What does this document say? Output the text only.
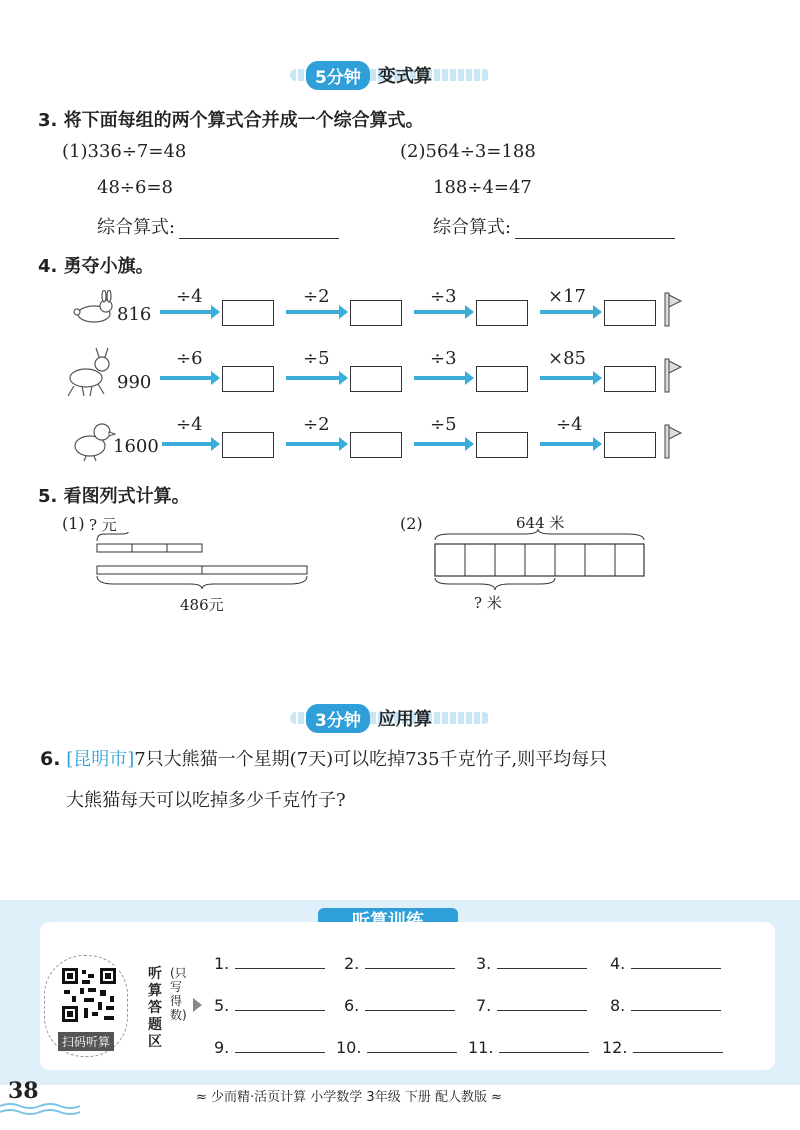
5分钟 变式算
3. 将下面每组的两个算式合并成一个综合算式。
(1)336÷7=48
48÷6=8
综合算式:
(2)564÷3=188
188÷4=47
综合算式:
4. 勇夺小旗。
816
÷4	÷2	÷3	×17
990
÷6	÷5	÷3	×85
1600
÷4	÷2	÷5	÷4
5. 看图列式计算。
(1) ? 元
486元
(2)	644 米
? 米
3分钟 应用算
6. [昆明市]7只大熊猫一个星期(7天)可以吃掉735千克竹子,则平均每只
大熊猫每天可以吃掉多少千克竹子?
扫码听算
听算答题区
(只写得数)
1.	2.	3.	4.
5.	6.	7.	8.
9.	10.	11.	12.
38	≈ 少而精·活页计算 小学数学 3年级 下册 配人教版 ≈
